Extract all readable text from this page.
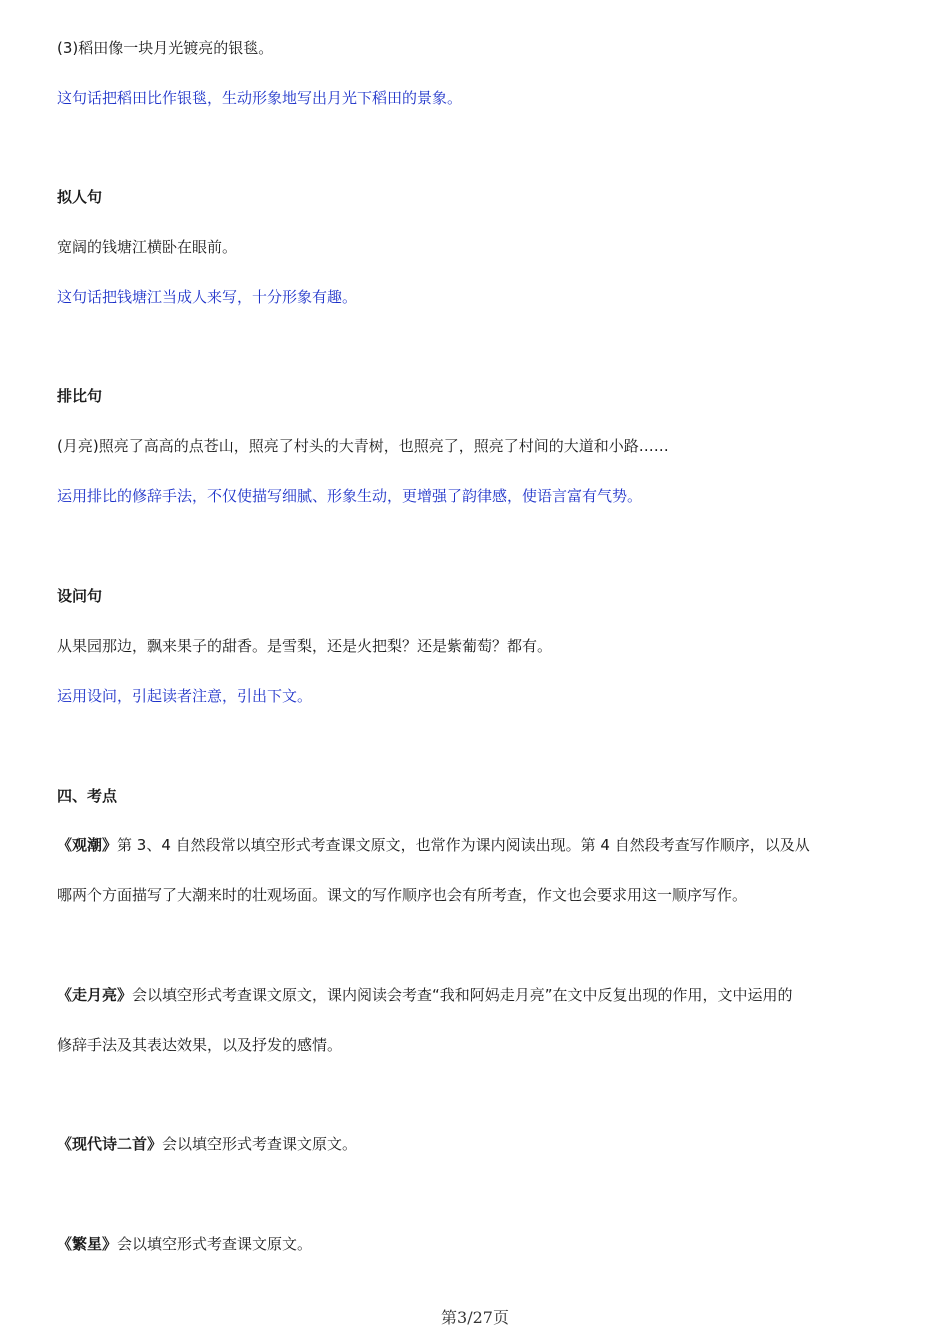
(3)稻田像一块月光镀亮的银毯。
这句话把稻田比作银毯，生动形象地写出月光下稻田的景象。
拟人句
宽阔的钱塘江横卧在眼前。
这句话把钱塘江当成人来写，十分形象有趣。
排比句
(月亮)照亮了高高的点苍山，照亮了村头的大青树，也照亮了，照亮了村间的大道和小路……
运用排比的修辞手法，不仅使描写细腻、形象生动，更增强了韵律感，使语言富有气势。
设问句
从果园那边，飘来果子的甜香。是雪梨，还是火把梨？还是紫葡萄？都有。
运用设问，引起读者注意，引出下文。
四、考点
《观潮》第 3、4 自然段常以填空形式考查课文原文，也常作为课内阅读出现。第 4 自然段考查写作顺序，以及从
哪两个方面描写了大潮来时的壮观场面。课文的写作顺序也会有所考查，作文也会要求用这一顺序写作。
《走月亮》会以填空形式考查课文原文，课内阅读会考查“我和阿妈走月亮”在文中反复出现的作用，文中运用的
修辞手法及其表达效果，以及抒发的感情。
《现代诗二首》会以填空形式考查课文原文。
《繁星》会以填空形式考查课文原文。
第3/27页
